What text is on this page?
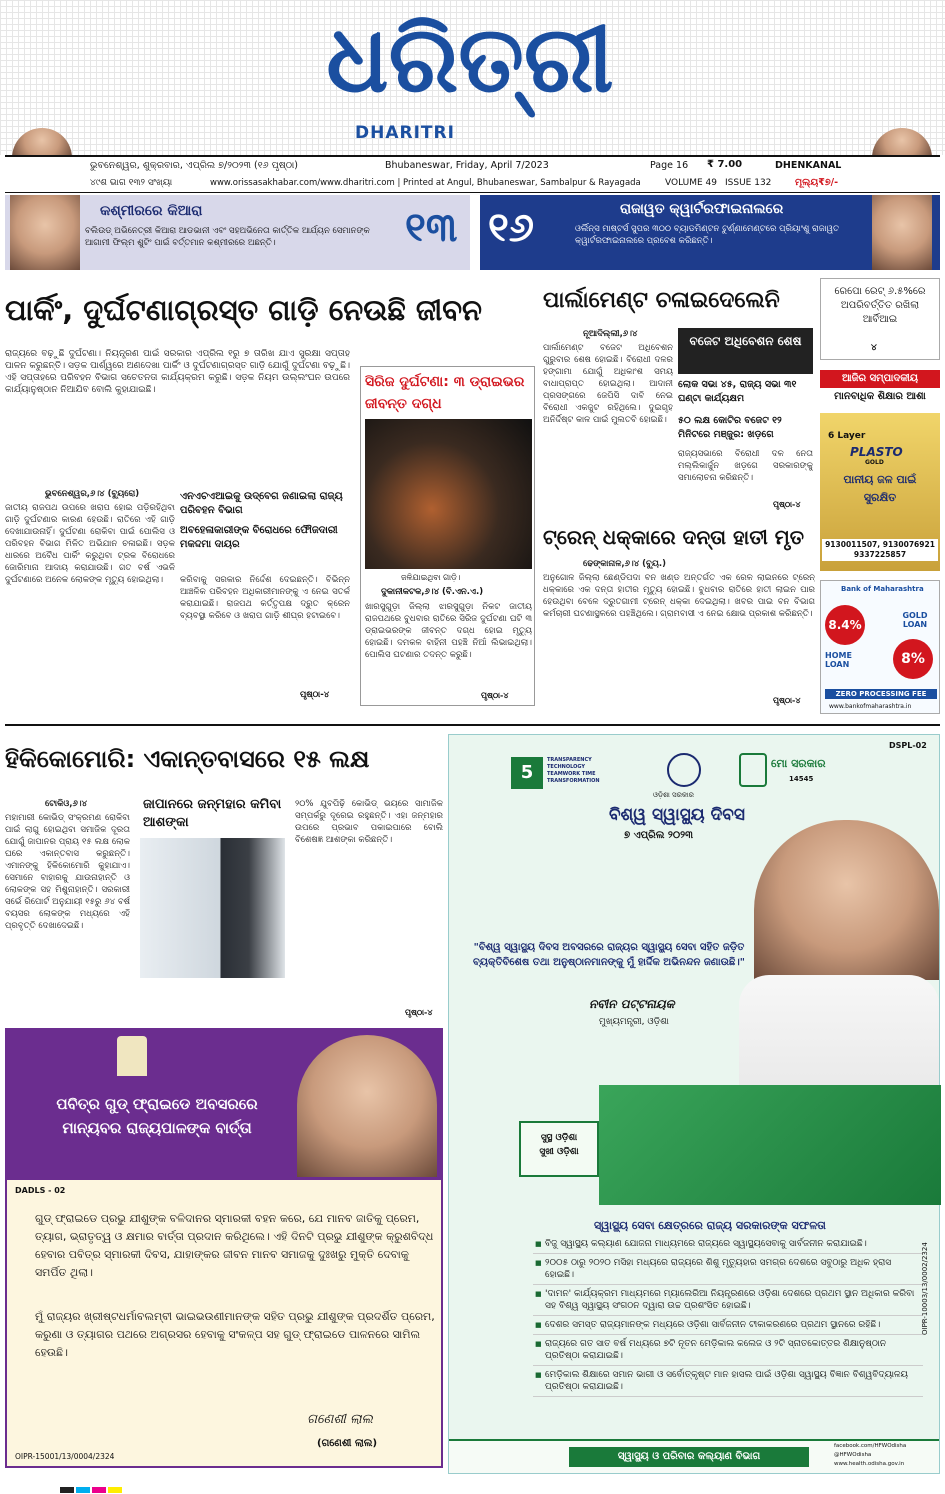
ଧରିତ୍ରୀ
DHARITRI
ଭୁବନେଶ୍ୱର, ଶୁକ୍ରବାର, ଏପ୍ରିଲ ୭/୨୦୨୩ (୧୬ ପୃଷ୍ଠା)	Bhubaneswar, Friday, April 7/2023	Page 16 ₹ 7.00	DHENKANAL
୪୯ଶ ଭାଗ ୧୩୨ ସଂଖ୍ୟା	www.orissasakhabar.com/www.dharitri.com | Printed at Angul, Bhubaneswar, Sambalpur & Rayagada	VOLUME 49 ISSUE 132 ମୂଲ୍ୟ₹୭/-
କଶ୍ମୀରରେ କିଆରା
ବଲିଉଡ୍ ଅଭିନେତ୍ରୀ କିଆରା ଆଡଭାନୀ ଏବଂ ସହଅଭିନେତା କାର୍ତ୍ତିକ ଆର୍ଯ୍ୟନ ସେମାନଙ୍କ ଆଗାମୀ ଫିଲ୍ମ ଶୁଟିଂ ପାଇଁ ବର୍ତ୍ତମାନ କଶ୍ମୀରରେ ଅଛନ୍ତି।	୧୩ ୧୬	ରାଜାୱତ କ୍ୱାର୍ଟରଫାଇନାଲରେ
ଓର୍ଲିନ୍ସ ମାଷ୍ଟର୍ସ ସୁପର ୩୦୦ ବ୍ୟାଡମିଣ୍ଟନ ଟୁର୍ଣ୍ଣାମେଣ୍ଟରେ ପ୍ରିୟାଂଶୁ ରାଜାୱତ କ୍ୱାର୍ଟରଫାଇନାଲରେ ପ୍ରବେଶ କରିଛନ୍ତି।
ପାର୍କିଂ, ଦୁର୍ଘଟଣାଗ୍ରସ୍ତ ଗାଡ଼ି ନେଉଛି ଜୀବନ
ରାଜ୍ୟରେ ବଢ଼ୁଛି ଦୁର୍ଘଟଣା। ନିୟନ୍ତ୍ରଣ ପାଇଁ ସରକାର ଏପ୍ରିଲ ୧ରୁ ୭ ତାରିଖ ଯାଏ ସୁରକ୍ଷା ସପ୍ତାହ ପାଳନ କରୁଛନ୍ତି। ସଡ଼କ ପାର୍ଶ୍ୱରେ ଅଣଦେଖା ପାର୍କିଂ ଓ ଦୁର୍ଘଟଣାଗ୍ରସ୍ତ ଗାଡ଼ି ଯୋଗୁଁ ଦୁର୍ଘଟଣା ବଢ଼ୁଛି। ଏହି ସପ୍ତାହରେ ପରିବହନ ବିଭାଗ ସଚେତନତା କାର୍ଯ୍ୟକ୍ରମ କରୁଛି। ସଡ଼କ ନିୟମ ଉଲ୍ଲଂଘନ ଉପରେ କାର୍ଯ୍ୟାନୁଷ୍ଠାନ ନିଆଯିବ ବୋଲି କୁହାଯାଇଛି।
ଭୁବନେଶ୍ୱର,୬।୪ (ବ୍ୟୁରୋ)
ଜାତୀୟ ରାଜପଥ ଉପରେ ଖରାପ ହୋଇ ପଡ଼ିରହିଥିବା ଗାଡ଼ି ଦୁର୍ଘଟଣାର କାରଣ ହେଉଛି। ରାତିରେ ଏହି ଗାଡ଼ି ଦେଖାଯାଉନାହିଁ। ଦୁର୍ଘଟଣା ରୋକିବା ପାଇଁ ପୋଲିସ ଓ ପରିବହନ ବିଭାଗ ମିଳିତ ଅଭିଯାନ ଚଳାଇଛି। ସଡ଼କ ଧାରରେ ଅବୈଧ ପାର୍କିଂ କରୁଥିବା ଟ୍ରକ ବିରୋଧରେ ଜୋରିମାନା ଆଦାୟ କରାଯାଉଛି। ଗତ ବର୍ଷ ଏଭଳି ଦୁର୍ଘଟଣାରେ ଅନେକ ଲୋକଙ୍କ ମୃତ୍ୟୁ ହୋଇଥିଲା।
ଏନଏଚଏଆଇକୁ ଉଦ୍‌ବେଗ ଜଣାଇଲା ରାଜ୍ୟ ପରିବହନ ବିଭାଗ
ଅବହେଳାକାରୀଙ୍କ ବିରୋଧରେ ଫୌଜଦାରୀ ମକଦ୍ଦମା ଦାୟର
କରିବାକୁ ସରକାର ନିର୍ଦ୍ଦେଶ ଦେଇଛନ୍ତି। ବିଭିନ୍ନ ଆଞ୍ଚଳିକ ପରିବହନ ଅଧିକାରୀମାନଙ୍କୁ ଏ ନେଇ ସତର୍କ କରାଯାଇଛି। ରାଜପଥ କର୍ତ୍ତୃପକ୍ଷ ଦ୍ରୁତ କ୍ରେନ ବ୍ୟବସ୍ଥା କରିବେ ଓ ଖରାପ ଗାଡ଼ି ଶୀଘ୍ର ହଟାଇବେ।
ପୃଷ୍ଠା-୪
ସିରିଜ ଦୁର୍ଘଟଣା: ୩ ଡ୍ରାଇଭର ଜୀବନ୍ତ ଦଗ୍ଧ
ଜଳିଯାଇଥିବା ଗାଡ଼ି।
ଦୁକାନୀକଟକ,୬।୪ (ବି.ଏନ.ଏ.)
ଖାରସୁଗୁଡ଼ା ଜିଲ୍ଲା ଝାରସୁଗୁଡ଼ା ନିକଟ ଜାତୀୟ ରାଜପଥରେ ବୁଧବାର ରାତିରେ ସିରିଜ ଦୁର୍ଘଟଣା ଘଟି ୩ ଡ୍ରାଇଭରଙ୍କ ଜୀବନ୍ତ ଦଗ୍ଧ ହୋଇ ମୃତ୍ୟୁ ହୋଇଛି। ଦମକଳ ବାହିନୀ ପହଞ୍ଚି ନିଆଁ ଲିଭାଇଥିଲା। ପୋଲିସ ଘଟଣାର ତଦନ୍ତ କରୁଛି।
ପୃଷ୍ଠା-୪
ପାର୍ଲାମେଣ୍ଟ ଚଳାଇଦେଲେନି
ନୂଆଦିଲ୍ଲୀ,୬।୪
ପାର୍ଲାମେଣ୍ଟ ବଜେଟ ଅଧିବେଶନ ଗୁରୁବାର ଶେଷ ହୋଇଛି। ବିରୋଧୀ ଦଳର ହଙ୍ଗାମା ଯୋଗୁଁ ଅଧିକାଂଶ ସମୟ ବାଧାପ୍ରାପ୍ତ ହୋଇଥିଲା। ଆଦାନୀ ପ୍ରସଙ୍ଗରେ ଜେପିସି ଦାବି ନେଇ ବିରୋଧୀ ଏକଜୁଟ ରହିଥିଲେ। ଦୁଇଗୃହ ଅନିର୍ଦ୍ଦିଷ୍ଟ କାଳ ପାଇଁ ମୁଲତବି ହୋଇଛି।
ବଜେଟ ଅଧିବେଶନ ଶେଷ
ଲୋକ ସଭା ୪୫, ରାଜ୍ୟ ସଭା ୩୧ ଘଣ୍ଟା କାର୍ଯ୍ୟକ୍ଷମ
୫୦ ଲକ୍ଷ କୋଟିର ବଜେଟ ୧୨ ମିନିଟରେ ମଞ୍ଜୁର: ଖଡ଼ଗେ
ରାଜ୍ୟସଭାରେ ବିରୋଧୀ ଦଳ ନେତା ମଲ୍ଲିକାର୍ଜୁନ ଖଡ଼ଗେ ସରକାରଙ୍କୁ ସମାଲୋଚନା କରିଛନ୍ତି।
ପୃଷ୍ଠା-୪
ଟ୍ରେନ୍ ଧକ୍କାରେ ଦନ୍ତା ହାତୀ ମୃତ
ଢେଙ୍କାନାଳ,୬।୪ (ବ୍ୟୁ.)
ଅନୁଗୋଳ ଜିଲ୍ଲା ଛେଣ୍ଡିପଦା ବନ ଖଣ୍ଡ ଅନ୍ତର୍ଗତ ଏକ ରେଳ ଲାଇନରେ ଟ୍ରେନ୍ ଧକ୍କାରେ ଏକ ଦନ୍ତା ହାତୀର ମୃତ୍ୟୁ ହୋଇଛି। ବୁଧବାର ରାତିରେ ହାତୀ ଲାଇନ ପାର ହେଉଥିବା ବେଳେ ଦ୍ରୁତଗାମୀ ଟ୍ରେନ୍ ଧକ୍କା ଦେଇଥିଲା। ଖବର ପାଇ ବନ ବିଭାଗ କର୍ମଚାରୀ ଘଟଣାସ୍ଥଳରେ ପହଞ୍ଚିଥିଲେ। ଗ୍ରାମବାସୀ ଏ ନେଇ କ୍ଷୋଭ ପ୍ରକାଶ କରିଛନ୍ତି।
ପୃଷ୍ଠା-୪
ରେପୋ ରେଟ୍ ୬.୫%ରେ ଅପରିବର୍ତ୍ତିତ ରଖିଲା ଆର୍ବିଆଇ
୪
ଆଜିର ସମ୍ପାଦକୀୟ
ମାନବାଧିକ ଶିକ୍ଷାର ଆଶା
6 Layer
PLASTO
GOLD
ପାନୀୟ ଜଳ ପାଇଁ ସୁରକ୍ଷିତ
9130011507, 9130076921 9337225857
Bank of Maharashtra
8.4%
GOLD LOAN
HOME LOAN	8%
ZERO PROCESSING FEE
www.bankofmaharashtra.in
ହିକିକୋମୋରି: ଏକାନ୍ତବାସରେ ୧୫ ଲକ୍ଷ
ଟୋକିଓ,୬।୪
ମହାମାରୀ କୋଭିଡ୍ ସଂକ୍ରମଣ ରୋକିବା ପାଇଁ ଲାଗୁ ହୋଇଥିବା ସମାଜିକ ଦୂରତା ଯୋଗୁଁ ଜାପାନର ପ୍ରାୟ ୧୫ ଲକ୍ଷ ଲୋକ ଘରେ ଏକାନ୍ତବାସ କରୁଛନ୍ତି। ଏମାନଙ୍କୁ ହିକିକୋମୋରି କୁହାଯାଏ। ସେମାନେ ବାହାରକୁ ଯାଉନାହାନ୍ତି ଓ ଲୋକଙ୍କ ସହ ମିଶୁନାହାନ୍ତି। ସରକାରୀ ସର୍ଭେ ରିପୋର୍ଟ ଅନୁଯାୟୀ ୧୫ରୁ ୬୪ ବର୍ଷ ବୟସର ଲୋକଙ୍କ ମଧ୍ୟରେ ଏହି ପ୍ରବୃତ୍ତି ଦେଖାଦେଇଛି।
ଜାପାନରେ ଜନ୍ମହାର କମିବା ଆଶଙ୍କା
୨୦% ଯୁବପିଢ଼ି କୋଭିଡ୍ ଭୟରେ ସାମାଜିକ ସମ୍ପର୍କରୁ ଦୂରେଇ ରହୁଛନ୍ତି। ଏହା ଜନ୍ମହାର ଉପରେ ପ୍ରଭାବ ପକାଇପାରେ ବୋଲି ବିଶେଷଜ୍ଞ ଆଶଙ୍କା କରିଛନ୍ତି।
ପୃଷ୍ଠା-୪
ପବିତ୍ର ଗୁଡ୍ ଫ୍ରାଇଡେ ଅବସରରେ ମାନ୍ୟବର ରାଜ୍ୟପାଳଙ୍କ ବାର୍ତ୍ତା
DADLS - 02
ଗୁଡ୍ ଫ୍ରାଇଡେ ପ୍ରଭୁ ଯୀଶୁଙ୍କ ବଳିଦାନର ସ୍ମାରକୀ ବହନ କରେ, ଯେ ମାନବ ଜାତିକୁ ପ୍ରେମ, ତ୍ୟାଗ, ଭ୍ରାତୃତ୍ୱ ଓ କ୍ଷମାର ବାର୍ତ୍ତା ପ୍ରଦାନ କରିଥିଲେ। ଏହି ଦିନଟି ପ୍ରଭୁ ଯୀଶୁଙ୍କ କ୍ରୁଶବିଦ୍ଧ ହେବାର ପବିତ୍ର ସ୍ମାରକୀ ଦିବସ, ଯାହାଙ୍କର ଜୀବନ ମାନବ ସମାଜକୁ ଦୁଃଖରୁ ମୁକ୍ତି ଦେବାକୁ ସମର୍ପିତ ଥିଲା।
ମୁଁ ରାଜ୍ୟର ଖ୍ରୀଷ୍ଟଧର୍ମାବଲମ୍ବୀ ଭାଇଭଉଣୀମାନଙ୍କ ସହିତ ପ୍ରଭୁ ଯୀଶୁଙ୍କ ପ୍ରଦର୍ଶିତ ପ୍ରେମ, କରୁଣା ଓ ତ୍ୟାଗର ପଥରେ ଅଗ୍ରସର ହେବାକୁ ସଂକଳ୍ପ ସହ ଗୁଡ୍ ଫ୍ରାଇଡେ ପାଳନରେ ସାମିଲ ହେଉଛି।
ଗଣେଶୀ ଲାଲ
(ଗଣେଶୀ ଲାଲ)
OIPR-15001/13/0004/2324
DSPL-02
5
TRANSPARENCY TECHNOLOGY TEAMWORK TIME TRANSFORMATION
ଓଡ଼ିଶା ସରକାର
ମୋ ସରକାର
14545
ବିଶ୍ୱ ସ୍ୱାସ୍ଥ୍ୟ ଦିବସ
୭ ଏପ୍ରିଲ ୨୦୨୩
"ବିଶ୍ୱ ସ୍ୱାସ୍ଥ୍ୟ ଦିବସ ଅବସରରେ ରାଜ୍ୟର ସ୍ୱାସ୍ଥ୍ୟ ସେବା ସହିତ ଜଡ଼ିତ ବ୍ୟକ୍ତିବିଶେଷ ତଥା ଅନୁଷ୍ଠାନମାନଙ୍କୁ ମୁଁ ହାର୍ଦ୍ଦିକ ଅଭିନନ୍ଦନ ଜଣାଉଛି।"
ନବୀନ ପଟ୍ଟନାୟକ
ମୁଖ୍ୟମନ୍ତ୍ରୀ, ଓଡ଼ିଶା
ସୁସ୍ଥ ଓଡ଼ିଶା
ସୁଖୀ ଓଡ଼ିଶା
ସ୍ୱାସ୍ଥ୍ୟ ସେବା କ୍ଷେତ୍ରରେ ରାଜ୍ୟ ସରକାରଙ୍କ ସଫଳତା
■ ବିଜୁ ସ୍ୱାସ୍ଥ୍ୟ କଲ୍ୟାଣ ଯୋଜନା ମାଧ୍ୟମରେ ରାଜ୍ୟରେ ସ୍ୱାସ୍ଥ୍ୟସେବାକୁ ସାର୍ବଜନୀନ କରାଯାଇଛି।
■ ୨୦୦୫ ଠାରୁ ୨୦୨୦ ମସିହା ମଧ୍ୟରେ ରାଜ୍ୟରେ ଶିଶୁ ମୃତ୍ୟୁହାର ସମଗ୍ର ଦେଶରେ ସବୁଠାରୁ ଅଧିକ ହ୍ରାସ ହୋଇଛି।
■ 'ଦାମନ' କାର୍ଯ୍ୟକ୍ରମ ମାଧ୍ୟମରେ ମ୍ୟାଲେରିଆ ନିୟନ୍ତ୍ରଣରେ ଓଡ଼ିଶା ଦେଶରେ ପ୍ରଥମ ସ୍ଥାନ ଅଧିକାର କରିବା ସହ ବିଶ୍ୱ ସ୍ୱାସ୍ଥ୍ୟ ସଂଗଠନ ଦ୍ୱାରା ଉଚ୍ଚ ପ୍ରଶଂସିତ ହୋଇଛି।
■ ଦେଶର ସମସ୍ତ ରାଜ୍ୟମାନଙ୍କ ମଧ୍ୟରେ ଓଡ଼ିଶା ସାର୍ବଜନୀନ ଟୀକାକରଣରେ ପ୍ରଥମ ସ୍ଥାନରେ ରହିଛି।
■ ରାଜ୍ୟରେ ଗତ ସାତ ବର୍ଷ ମଧ୍ୟରେ ୭ଟି ନୂତନ ମେଡ଼ିକାଲ କଲେଜ ଓ ୨ଟି ସ୍ନାତକୋତ୍ତର ଶିକ୍ଷାନୁଷ୍ଠାନ ପ୍ରତିଷ୍ଠା କରାଯାଇଛି।
■ ମେଡ଼ିକାଲ ଶିକ୍ଷାରେ ସମାନ ଭାଗୀ ଓ ସର୍ବୋତ୍କୃଷ୍ଟ ମାନ ହାସଲ ପାଇଁ ଓଡ଼ିଶା ସ୍ୱାସ୍ଥ୍ୟ ବିଜ୍ଞାନ ବିଶ୍ୱବିଦ୍ୟାଳୟ ପ୍ରତିଷ୍ଠା କରାଯାଇଛି।
ସ୍ୱାସ୍ଥ୍ୟ ଓ ପରିବାର କଲ୍ୟାଣ ବିଭାଗ
facebook.com/HFWOdisha
@HFWOdisha
www.health.odisha.gov.in
OIPR-10003/13/0002/2324
